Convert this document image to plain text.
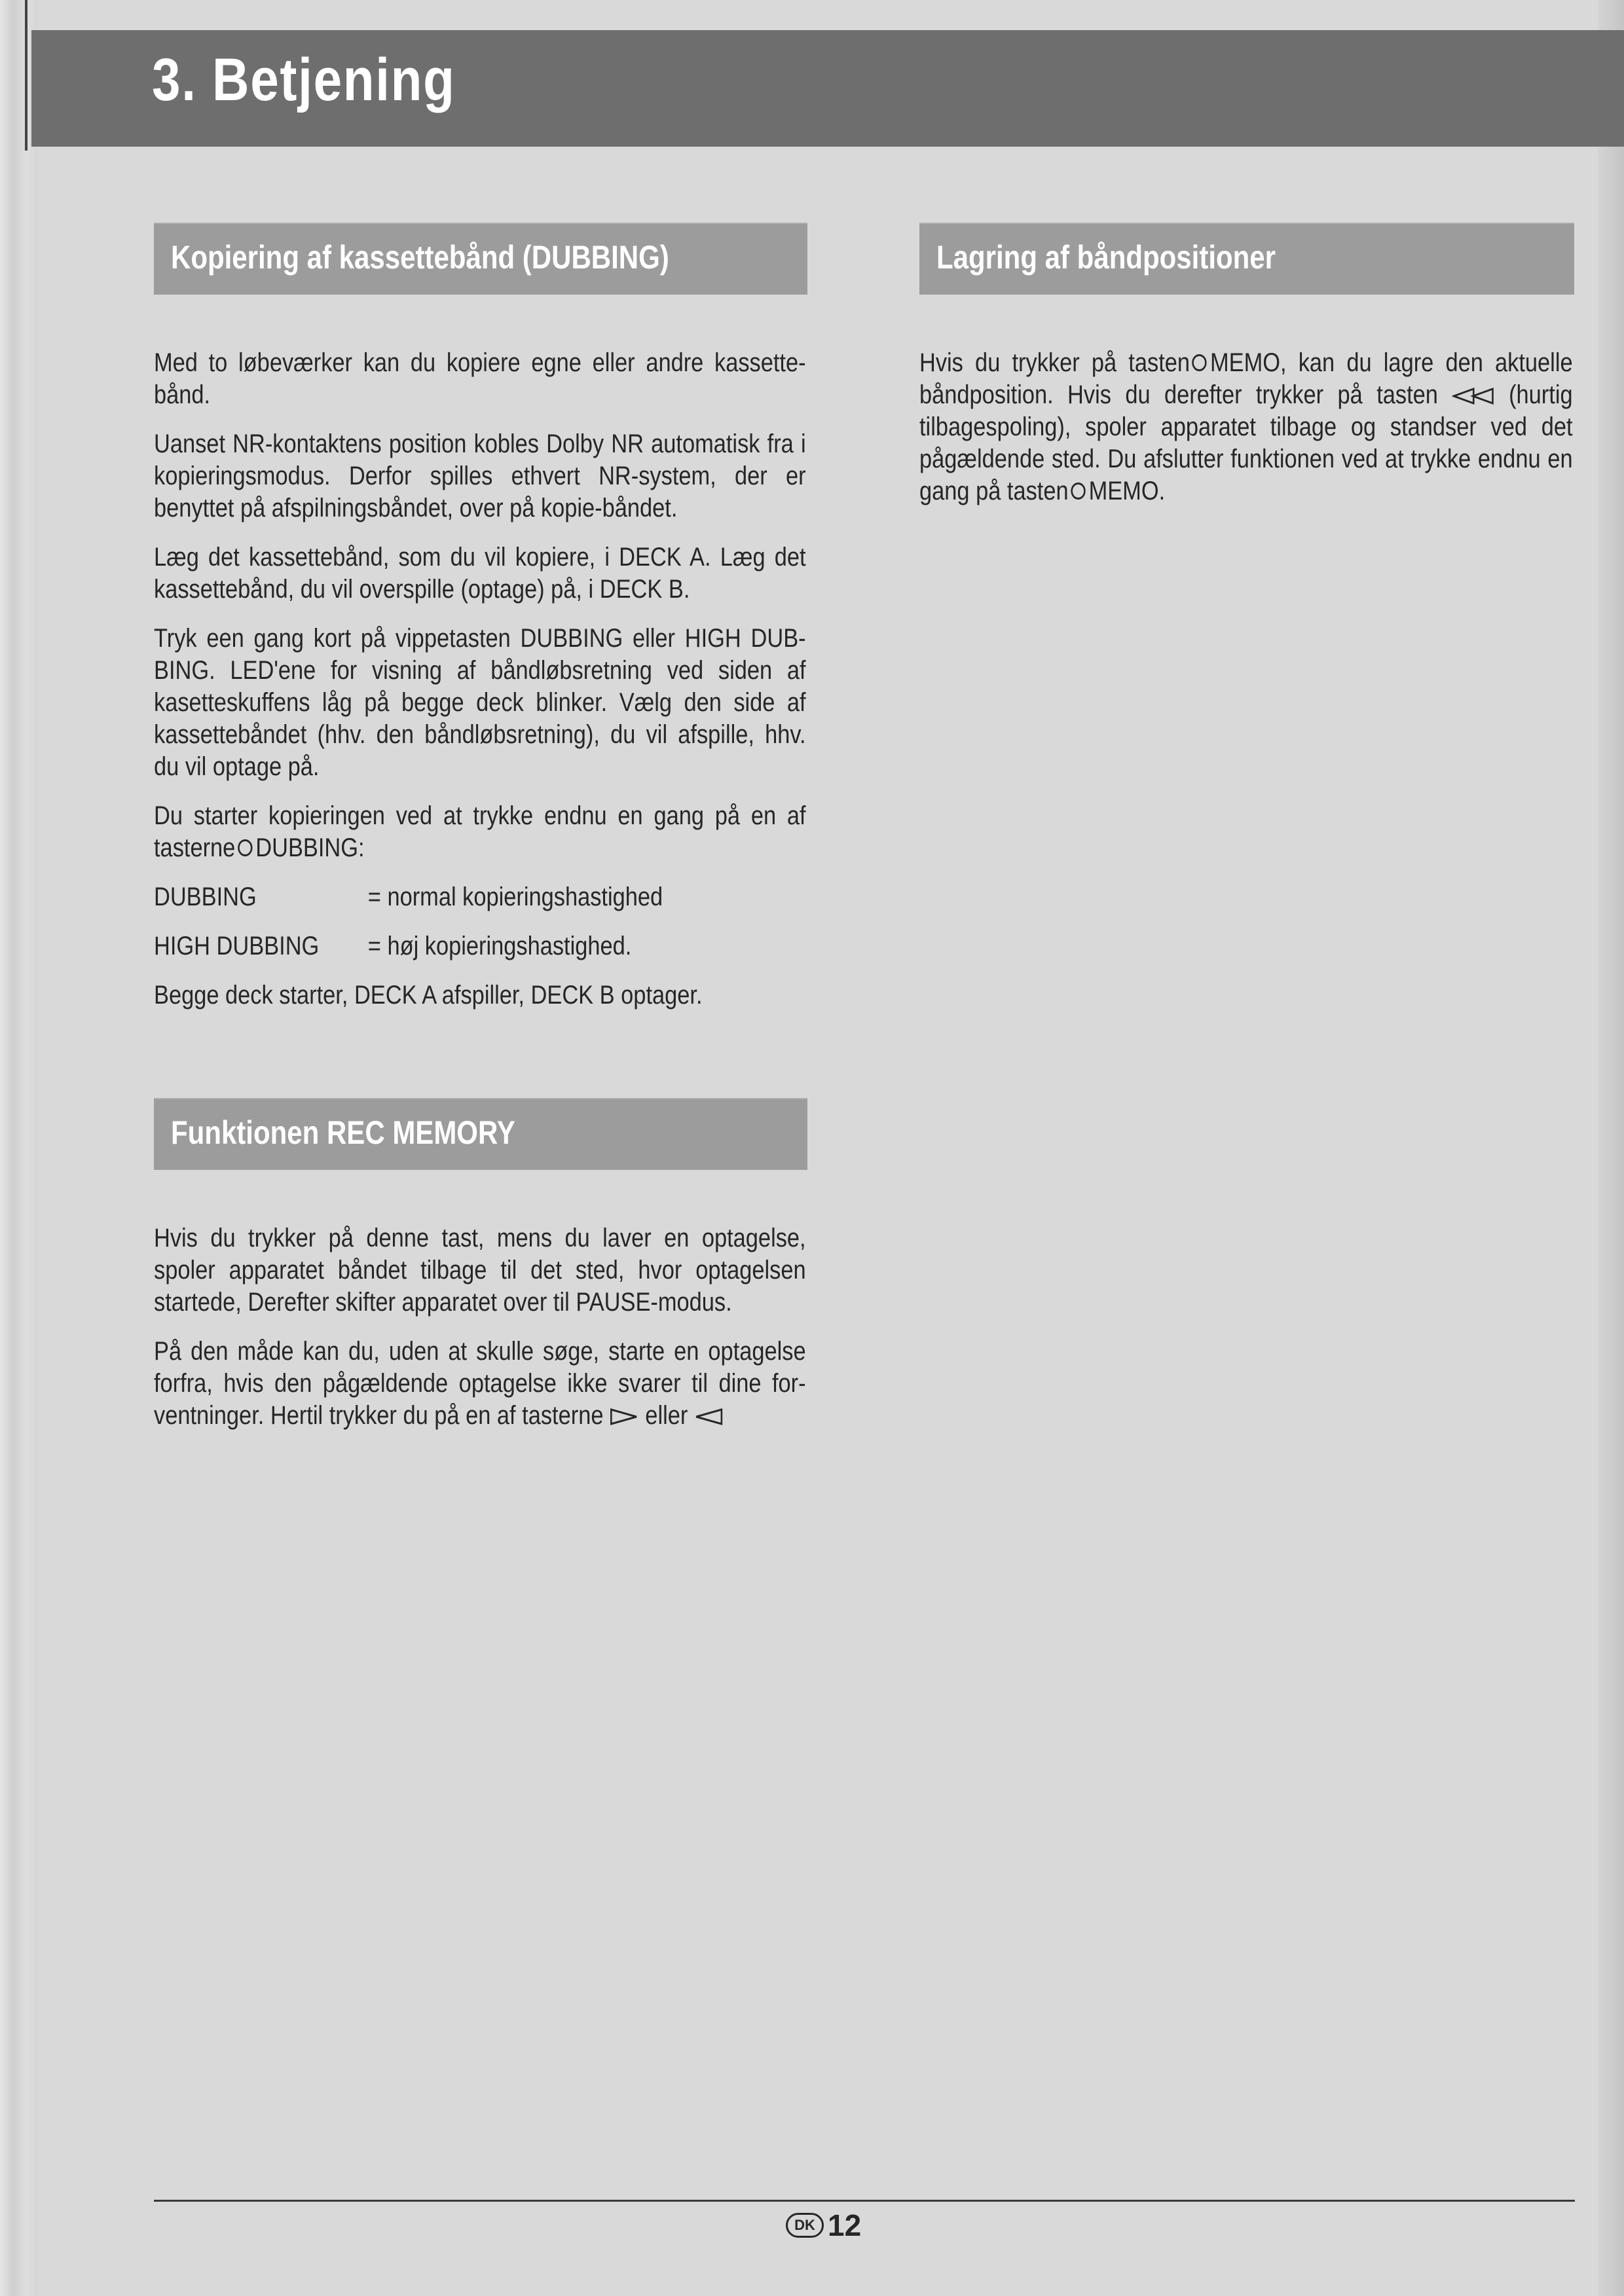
3. Betjening
Kopiering af kassettebånd (DUBBING)

Med to løbeværker kan du kopiere egne eller andre kassettebånd.

Uanset NR-kontaktens position kobles Dolby NR automatisk fra i kopieringsmodus. Derfor spilles ethvert NR-system, der er benyttet på afspilningsbåndet, over på kopie-båndet.

Læg det kassettebånd, som du vil kopiere, i DECK A. Læg det kassettebånd, du vil overspille (optage) på, i DECK B.

Tryk een gang kort på vippetasten DUBBING eller HIGH DUBBING. LED'ene for visning af båndløbsretning ved siden af kasetteskuffens låg på begge deck blinker. Vælg den side af kassettebåndet (hhv. den båndløbsretning), du vil afspille, hhv. du vil optage på.

Du starter kopieringen ved at trykke endnu en gang på en af tasterne DUBBING:

DUBBING	= normal kopieringshastighed
HIGH DUBBING	= høj kopieringshastighed.

Begge deck starter, DECK A afspiller, DECK B optager.

Funktionen REC MEMORY

Hvis du trykker på denne tast, mens du laver en optagelse, spoler apparatet båndet tilbage til det sted, hvor optagelsen startede, Derefter skifter apparatet over til PAUSE-modus.

På den måde kan du, uden at skulle søge, starte en optagelse forfra, hvis den pågældende optagelse ikke svarer til dine forventninger. Hertil trykker du på en af tasterne eller

Lagring af båndpositioner

Hvis du trykker på tasten MEMO, kan du lagre den aktuelle båndposition. Hvis du derefter trykker på tasten	(hurtig tilbagespoling), spoler apparatet tilbage og standser ved det pågældende sted. Du afslutter funktionen ved at trykke endnu en gang på tasten MEMO.

DK 12
